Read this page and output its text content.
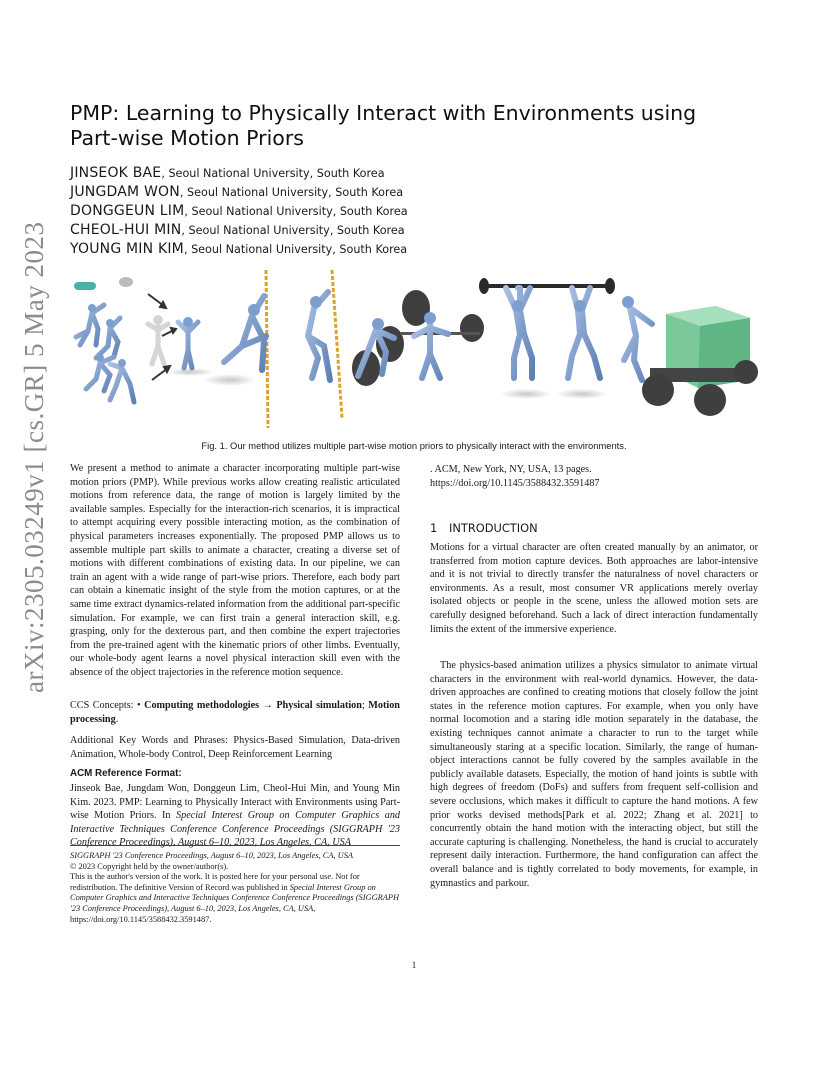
arXiv:2305.03249v1 [cs.GR] 5 May 2023
PMP: Learning to Physically Interact with Environments using Part-wise Motion Priors
JINSEOK BAE, Seoul National University, South Korea
JUNGDAM WON, Seoul National University, South Korea
DONGGEUN LIM, Seoul National University, South Korea
CHEOL-HUI MIN, Seoul National University, South Korea
YOUNG MIN KIM, Seoul National University, South Korea
Fig. 1. Our method utilizes multiple part-wise motion priors to physically interact with the environments.

We present a method to animate a character incorporating multiple part-wise motion priors (PMP). While previous works allow creating realistic articulated motions from reference data, the range of motion is largely limited by the available samples. Especially for the interaction-rich scenarios, it is impractical to attempt acquiring every possible interacting motion, as the combination of physical parameters increases exponentially. The proposed PMP allows us to assemble multiple part skills to animate a character, creating a diverse set of motions with different combinations of existing data. In our pipeline, we can train an agent with a wide range of part-wise priors. Therefore, each body part can obtain a kinematic insight of the style from the motion captures, or at the same time extract dynamics-related information from the additional part-specific simulation. For example, we can first train a general interaction skill, e.g. grasping, only for the dexterous part, and then combine the expert trajectories from the pre-trained agent with the kinematic priors of other limbs. Eventually, our whole-body agent learns a novel physical interaction skill even with the absence of the object trajectories in the reference motion sequence.

CCS Concepts: • Computing methodologies → Physical simulation; Motion processing.

Additional Key Words and Phrases: Physics-Based Simulation, Data-driven Animation, Whole-body Control, Deep Reinforcement Learning

ACM Reference Format:

Jinseok Bae, Jungdam Won, Donggeun Lim, Cheol-Hui Min, and Young Min Kim. 2023. PMP: Learning to Physically Interact with Environments using Part-wise Motion Priors. In Special Interest Group on Computer Graphics and Interactive Techniques Conference Conference Proceedings (SIGGRAPH '23 Conference Proceedings), August 6–10, 2023, Los Angeles, CA, USA

SIGGRAPH '23 Conference Proceedings, August 6–10, 2023, Los Angeles, CA, USA
© 2023 Copyright held by the owner/author(s).
This is the author's version of the work. It is posted here for your personal use. Not for redistribution. The definitive Version of Record was published in Special Interest Group on Computer Graphics and Interactive Techniques Conference Conference Proceedings (SIGGRAPH '23 Conference Proceedings), August 6–10, 2023, Los Angeles, CA, USA, https://doi.org/10.1145/3588432.3591487.

. ACM, New York, NY, USA, 13 pages. https://doi.org/10.1145/3588432.3591487

1 INTRODUCTION

Motions for a virtual character are often created manually by an animator, or transferred from motion capture devices. Both approaches are labor-intensive and it is not trivial to directly transfer the naturalness of novel characters or environments. As a result, most consumer VR applications merely overlay isolated objects or people in the scene, unless the allowed motion sets are carefully designed beforehand. Such a lack of direct interaction fundamentally limits the extent of the immersive experience.

The physics-based animation utilizes a physics simulator to animate virtual characters in the environment with real-world dynamics. However, the data-driven approaches are confined to creating motions that closely follow the joint states in the reference motion captures. For example, when you only have normal locomotion and a staring idle motion separately in the database, the existing techniques cannot animate a character to run to the target while simultaneously staring at a specific location. Similarly, the range of human-object interactions cannot be fully covered by the samples available in the publicly available datasets. Especially, the motion of hand joints is subtle with high degrees of freedom (DoFs) and suffers from frequent self-collision and severe occlusions, which makes it difficult to capture the hand motions. A few prior works devised methods[Park et al. 2022; Zhang et al. 2021] to concurrently obtain the hand motion with the interacting object, but still the accurate capturing is challenging. Nonetheless, the hand is crucial to accurately represent daily interaction. Furthermore, the hand configuration can affect the overall balance and is tightly correlated to body movements, for example, in gymnastics and parkour.

1
